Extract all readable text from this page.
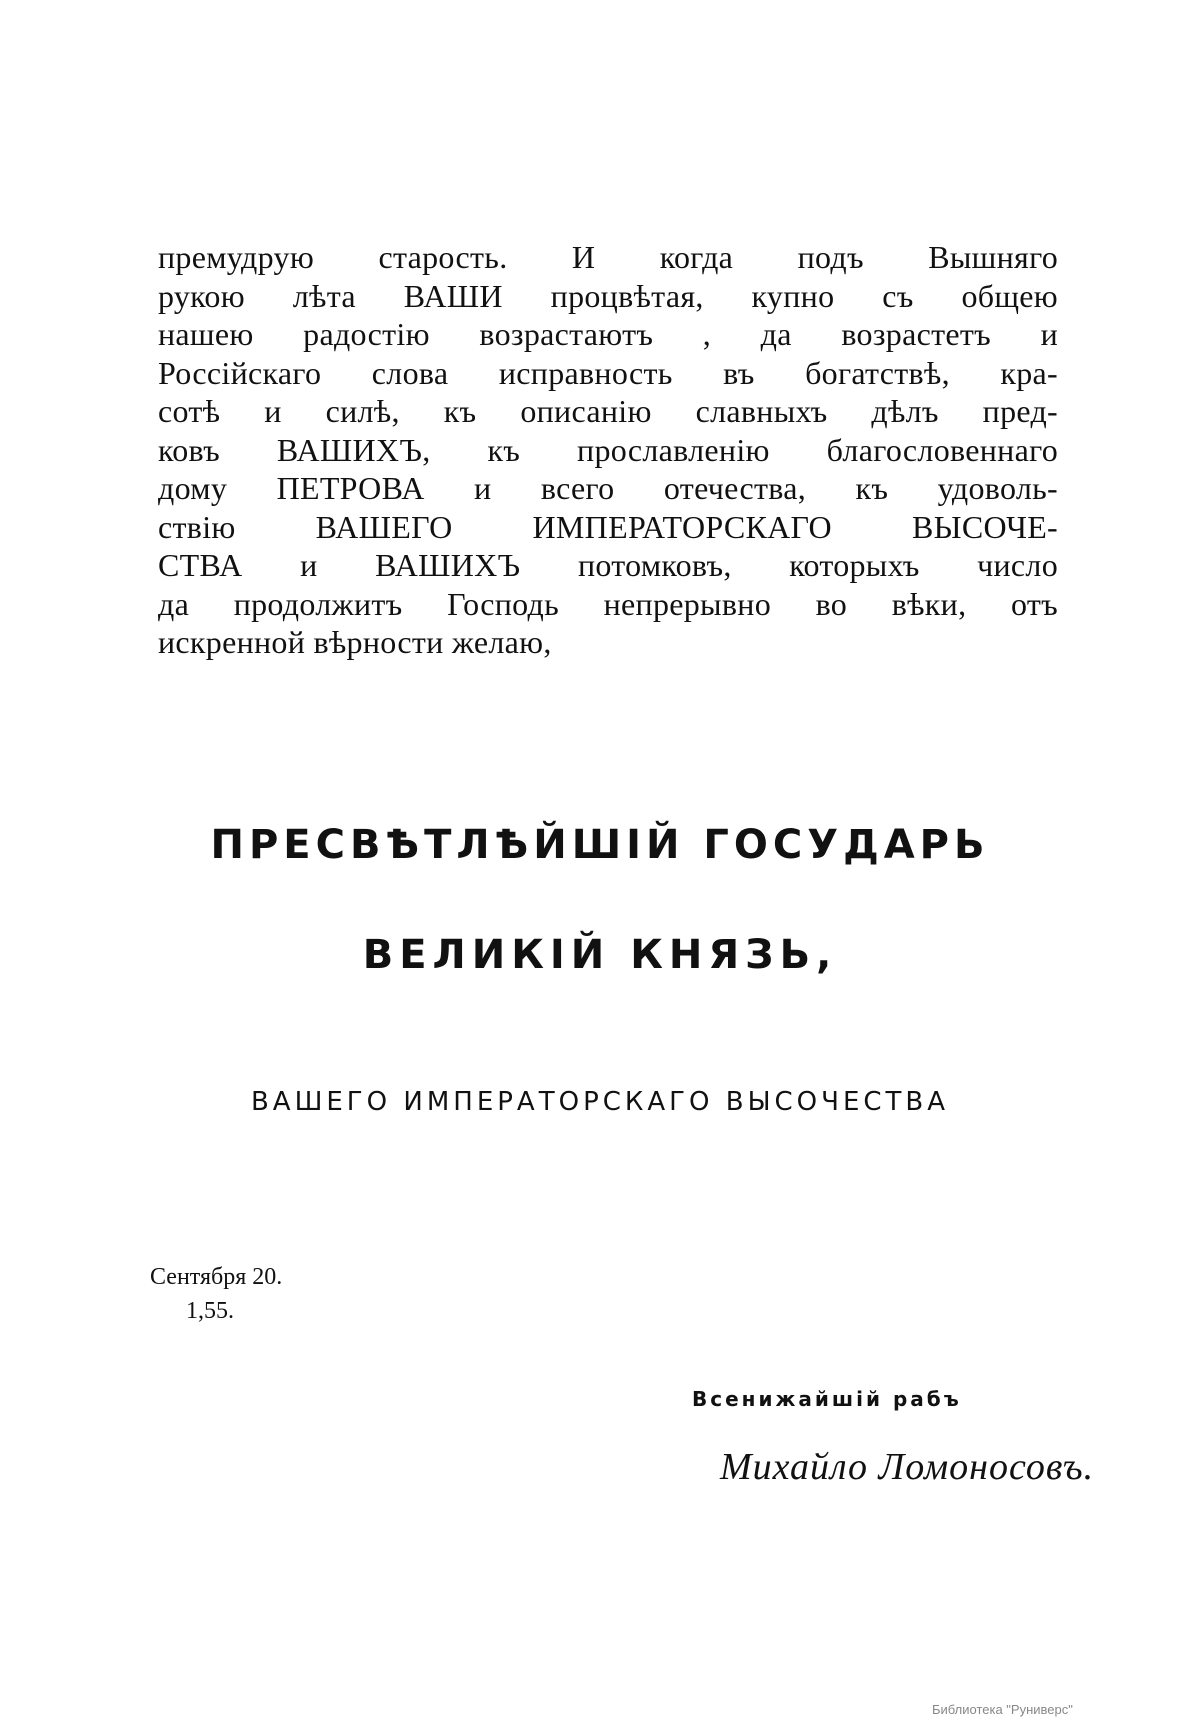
премудрую старость. И когда подъ Вышняго
рукою лѣта ВАШИ процвѣтая, купно съ общею
нашею радостiю возрастаютъ , да возрастетъ и
Россiйскаго слова исправность въ богатствѣ, кра-
сотѣ и силѣ, къ описанiю славныхъ дѣлъ пред-
ковъ ВАШИХЪ, къ прославленiю благословеннаго
дому ПЕТРОВА и всего отечества, къ удоволь-
ствiю ВАШЕГО ИМПЕРАТОРСКАГО ВЫСОЧЕ-
СТВА и ВАШИХЪ потомковъ, которыхъ число
да продолжитъ Господь непрерывно во вѣки, отъ
искренной вѣрности желаю,
ПРЕСВѢТЛѢЙШIЙ ГОСУДАРЬ
ВЕЛИКIЙ КНЯЗЬ,
ВАШЕГО ИМПЕРАТОРСКАГО ВЫСОЧЕСТВА
Сентября 20.
1,55.
Всенижайшiй рабъ
Михайло Ломоносовъ.
Библиотека "Руниверс"
